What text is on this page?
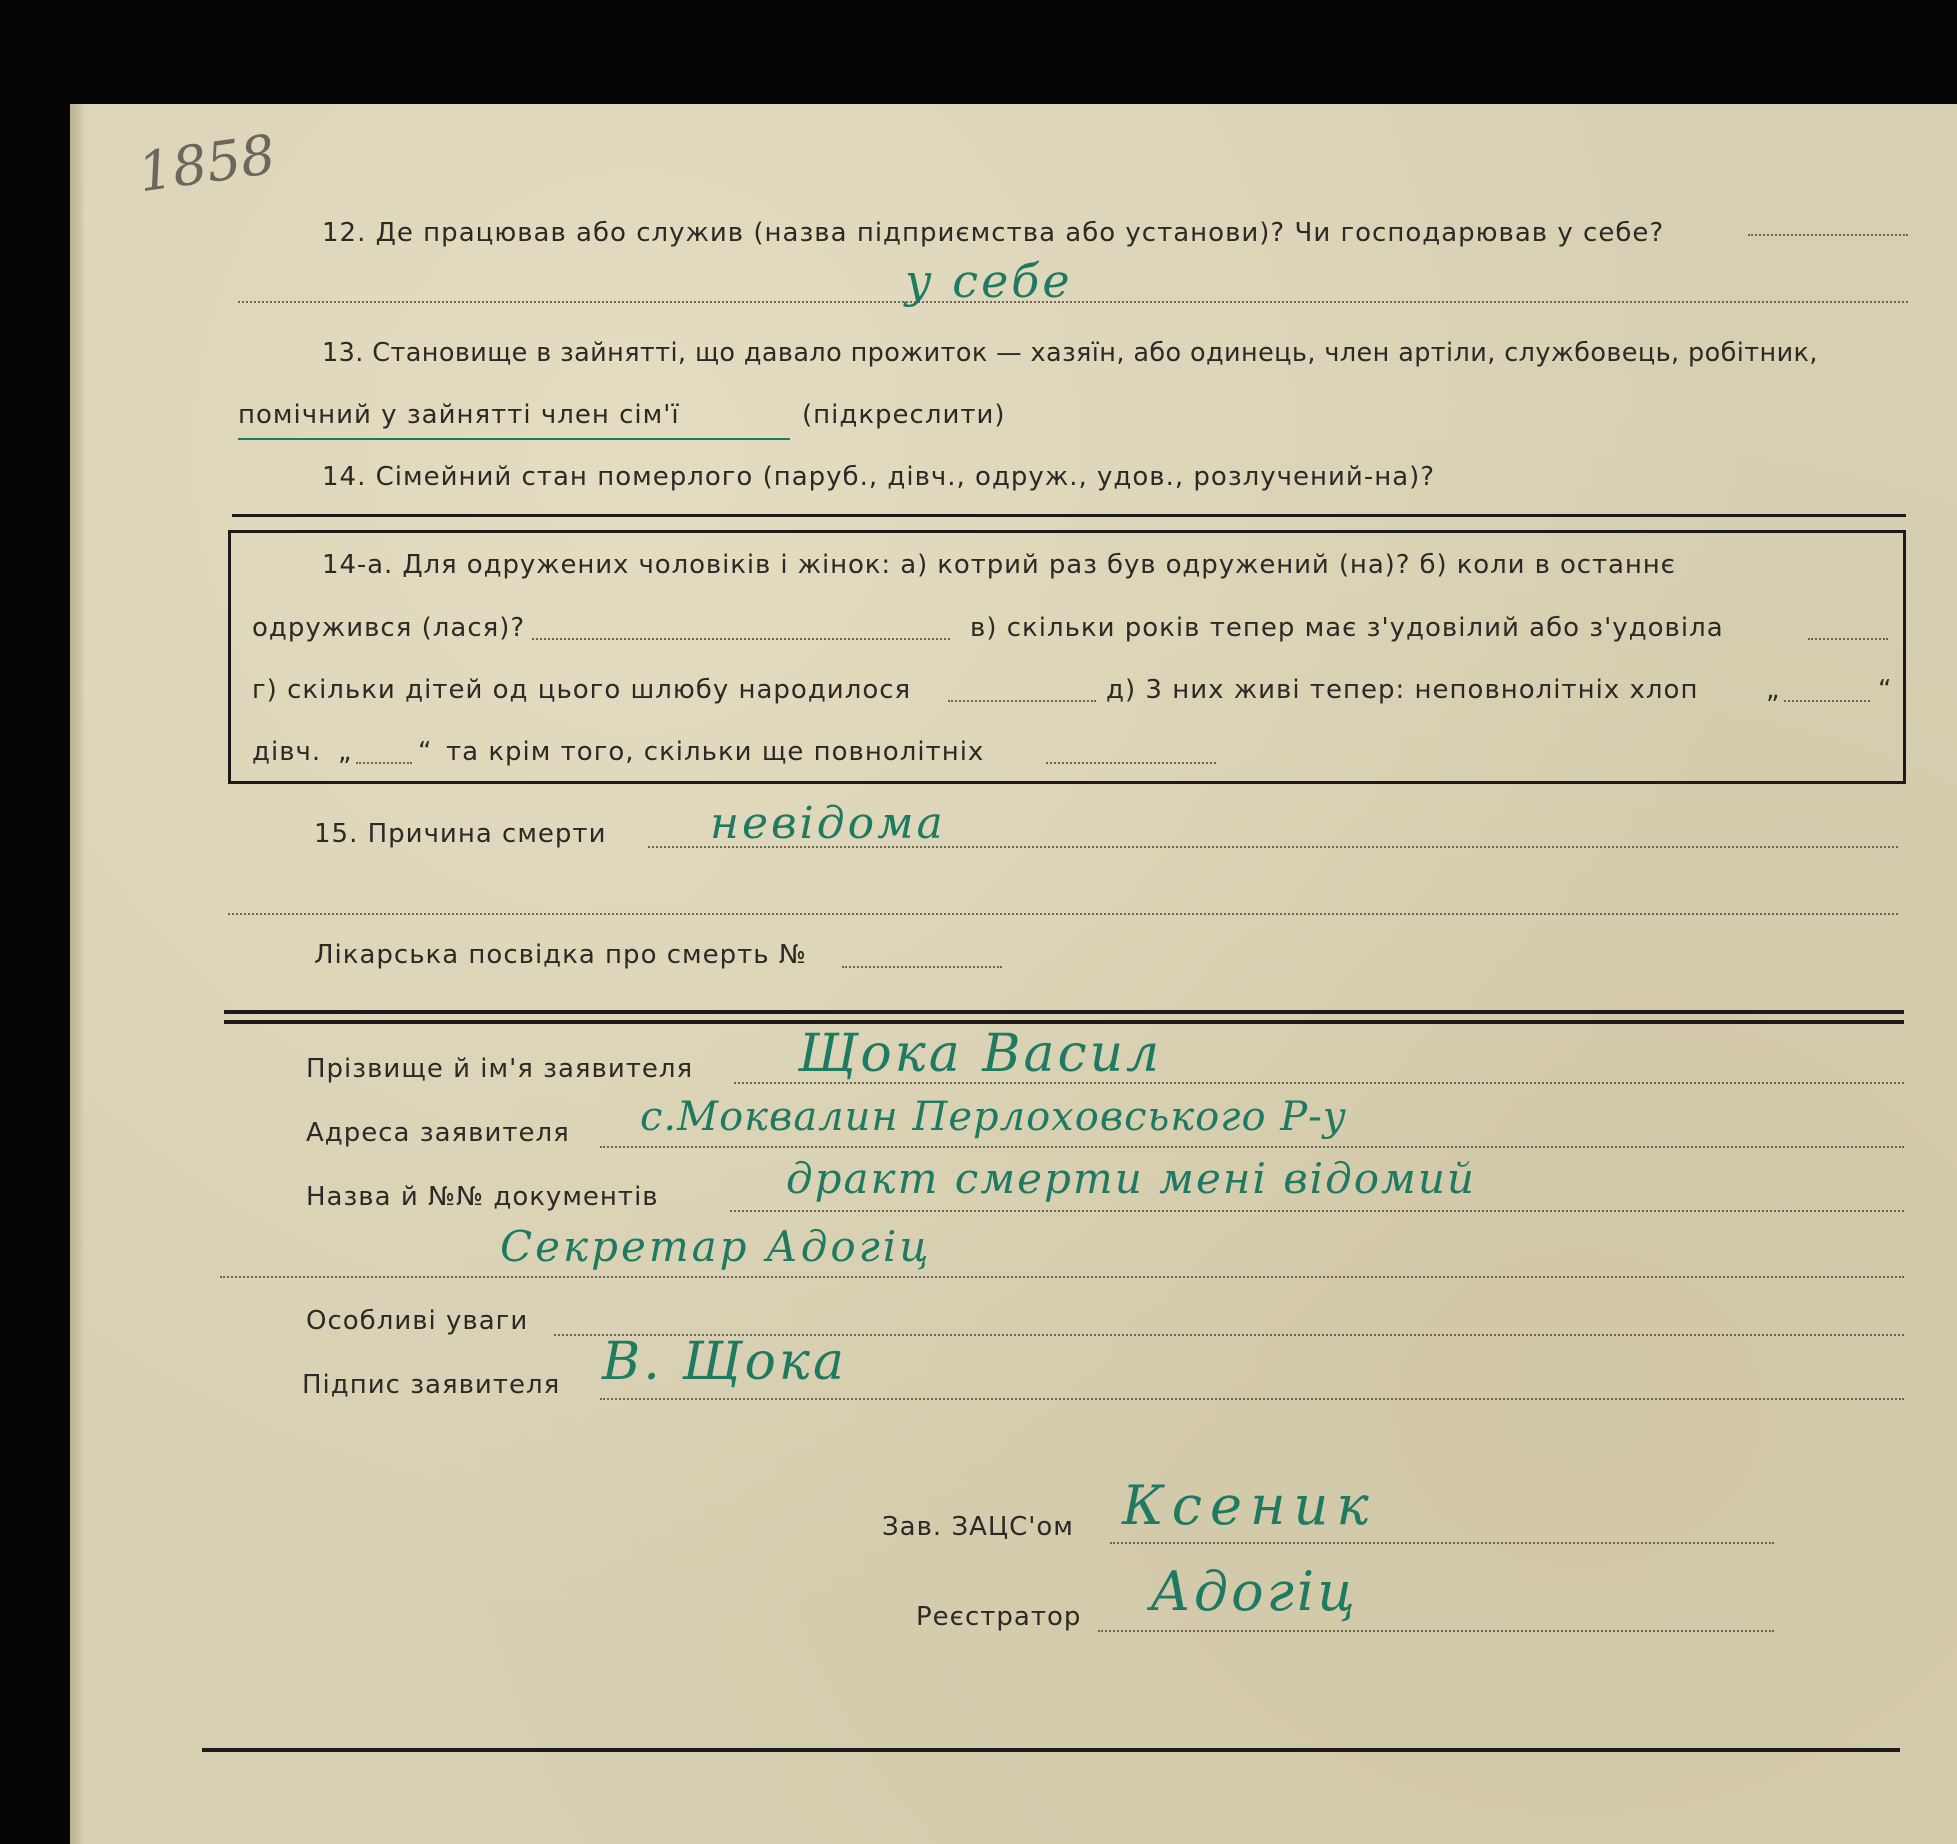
1858
12. Де працював або служив (назва підприємства або установи)? Чи господарював у себе?
у себе
13. Становище в зайнятті, що давало прожиток — хазяїн, або одинець, член артіли, службовець, робітник,
помічний у зайнятті член сім'ї	(підкреслити)
14. Сімейний стан померлого (паруб., дівч., одруж., удов., розлучений-на)?
14-а. Для одружених чоловіків і жінок: а) котрий раз був одружений (на)? б) коли в останнє
одружився (лася)?	в) скільки років тепер має з'удовілий або з'удовіла
г) скільки дітей од цього шлюбу народилося	д) 3 них живі тепер: неповнолітніх хлоп	„	“
дівч. „	“ та крім того, скільки ще повнолітніх
15. Причина смерти невідома
Лікарська посвідка про смерть №
Прізвище й ім'я заявителя Щока Васил
Адреса заявителя с.Моквалин Перлоховського Р-у
Назва й №№ документів	дракт смерти мені відомий
Секретар Адогіц
Особливі уваги
Підпис заявителя В. Щока
Зав. ЗАЦС'ом Ксеник
Реєстратор Адогіц
